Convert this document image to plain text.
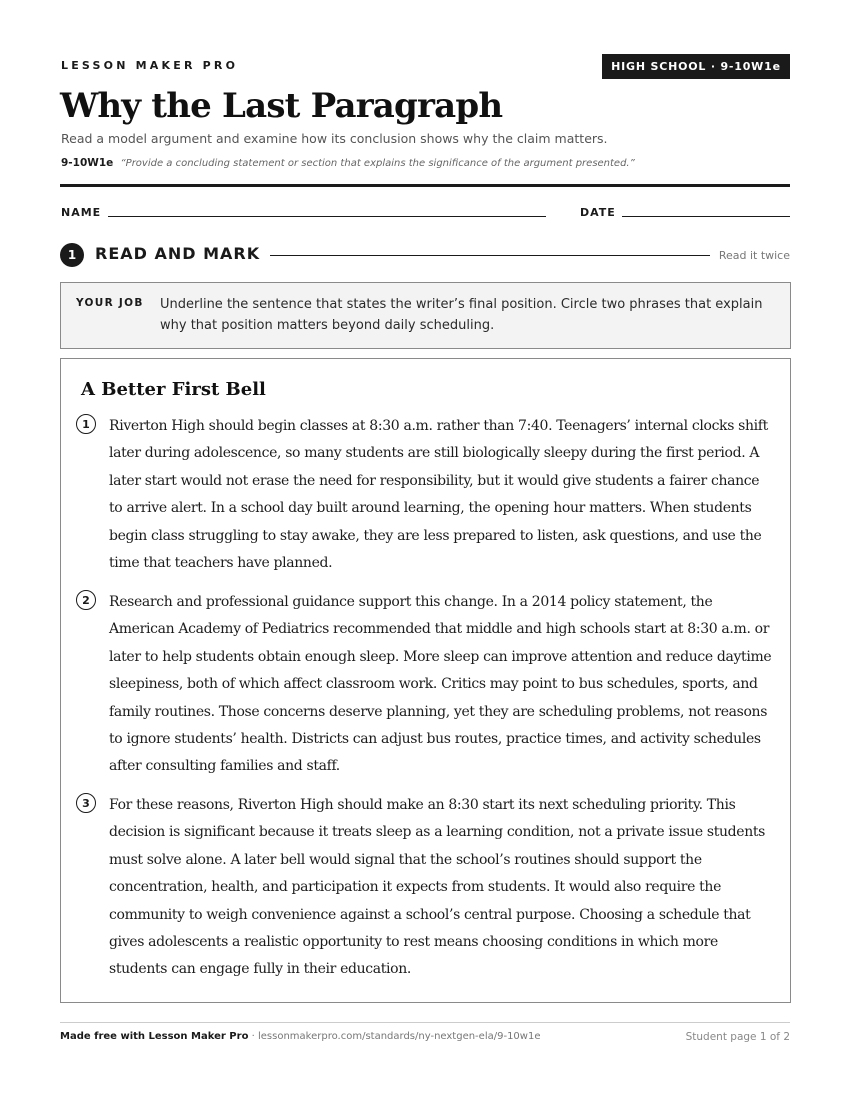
LESSON MAKER PRO	HIGH SCHOOL · 9-10W1e
Why the Last Paragraph
Read a model argument and examine how its conclusion shows why the claim matters.
9-10W1e “Provide a concluding statement or section that explains the significance of the argument presented.”
NAME	DATE
1	READ AND MARK	Read it twice
YOUR JOB Underline the sentence that states the writer’s final position. Circle two phrases that explain why that position matters beyond daily scheduling.
A Better First Bell
1	Riverton High should begin classes at 8:30 a.m. rather than 7:40. Teenagers’ internal clocks shift later during adolescence, so many students are still biologically sleepy during the first period. A later start would not erase the need for responsibility, but it would give students a fairer chance to arrive alert. In a school day built around learning, the opening hour matters. When students begin class struggling to stay awake, they are less prepared to listen, ask questions, and use the time that teachers have planned.
2	Research and professional guidance support this change. In a 2014 policy statement, the American Academy of Pediatrics recommended that middle and high schools start at 8:30 a.m. or later to help students obtain enough sleep. More sleep can improve attention and reduce daytime sleepiness, both of which affect classroom work. Critics may point to bus schedules, sports, and family routines. Those concerns deserve planning, yet they are scheduling problems, not reasons to ignore students’ health. Districts can adjust bus routes, practice times, and activity schedules after consulting families and staff.
3	For these reasons, Riverton High should make an 8:30 start its next scheduling priority. This decision is significant because it treats sleep as a learning condition, not a private issue students must solve alone. A later bell would signal that the school’s routines should support the concentration, health, and participation it expects from students. It would also require the community to weigh convenience against a school’s central purpose. Choosing a schedule that gives adolescents a realistic opportunity to rest means choosing conditions in which more students can engage fully in their education.
Made free with Lesson Maker Pro · lessonmakerpro.com/standards/ny-nextgen-ela/9-10w1e	Student page 1 of 2
